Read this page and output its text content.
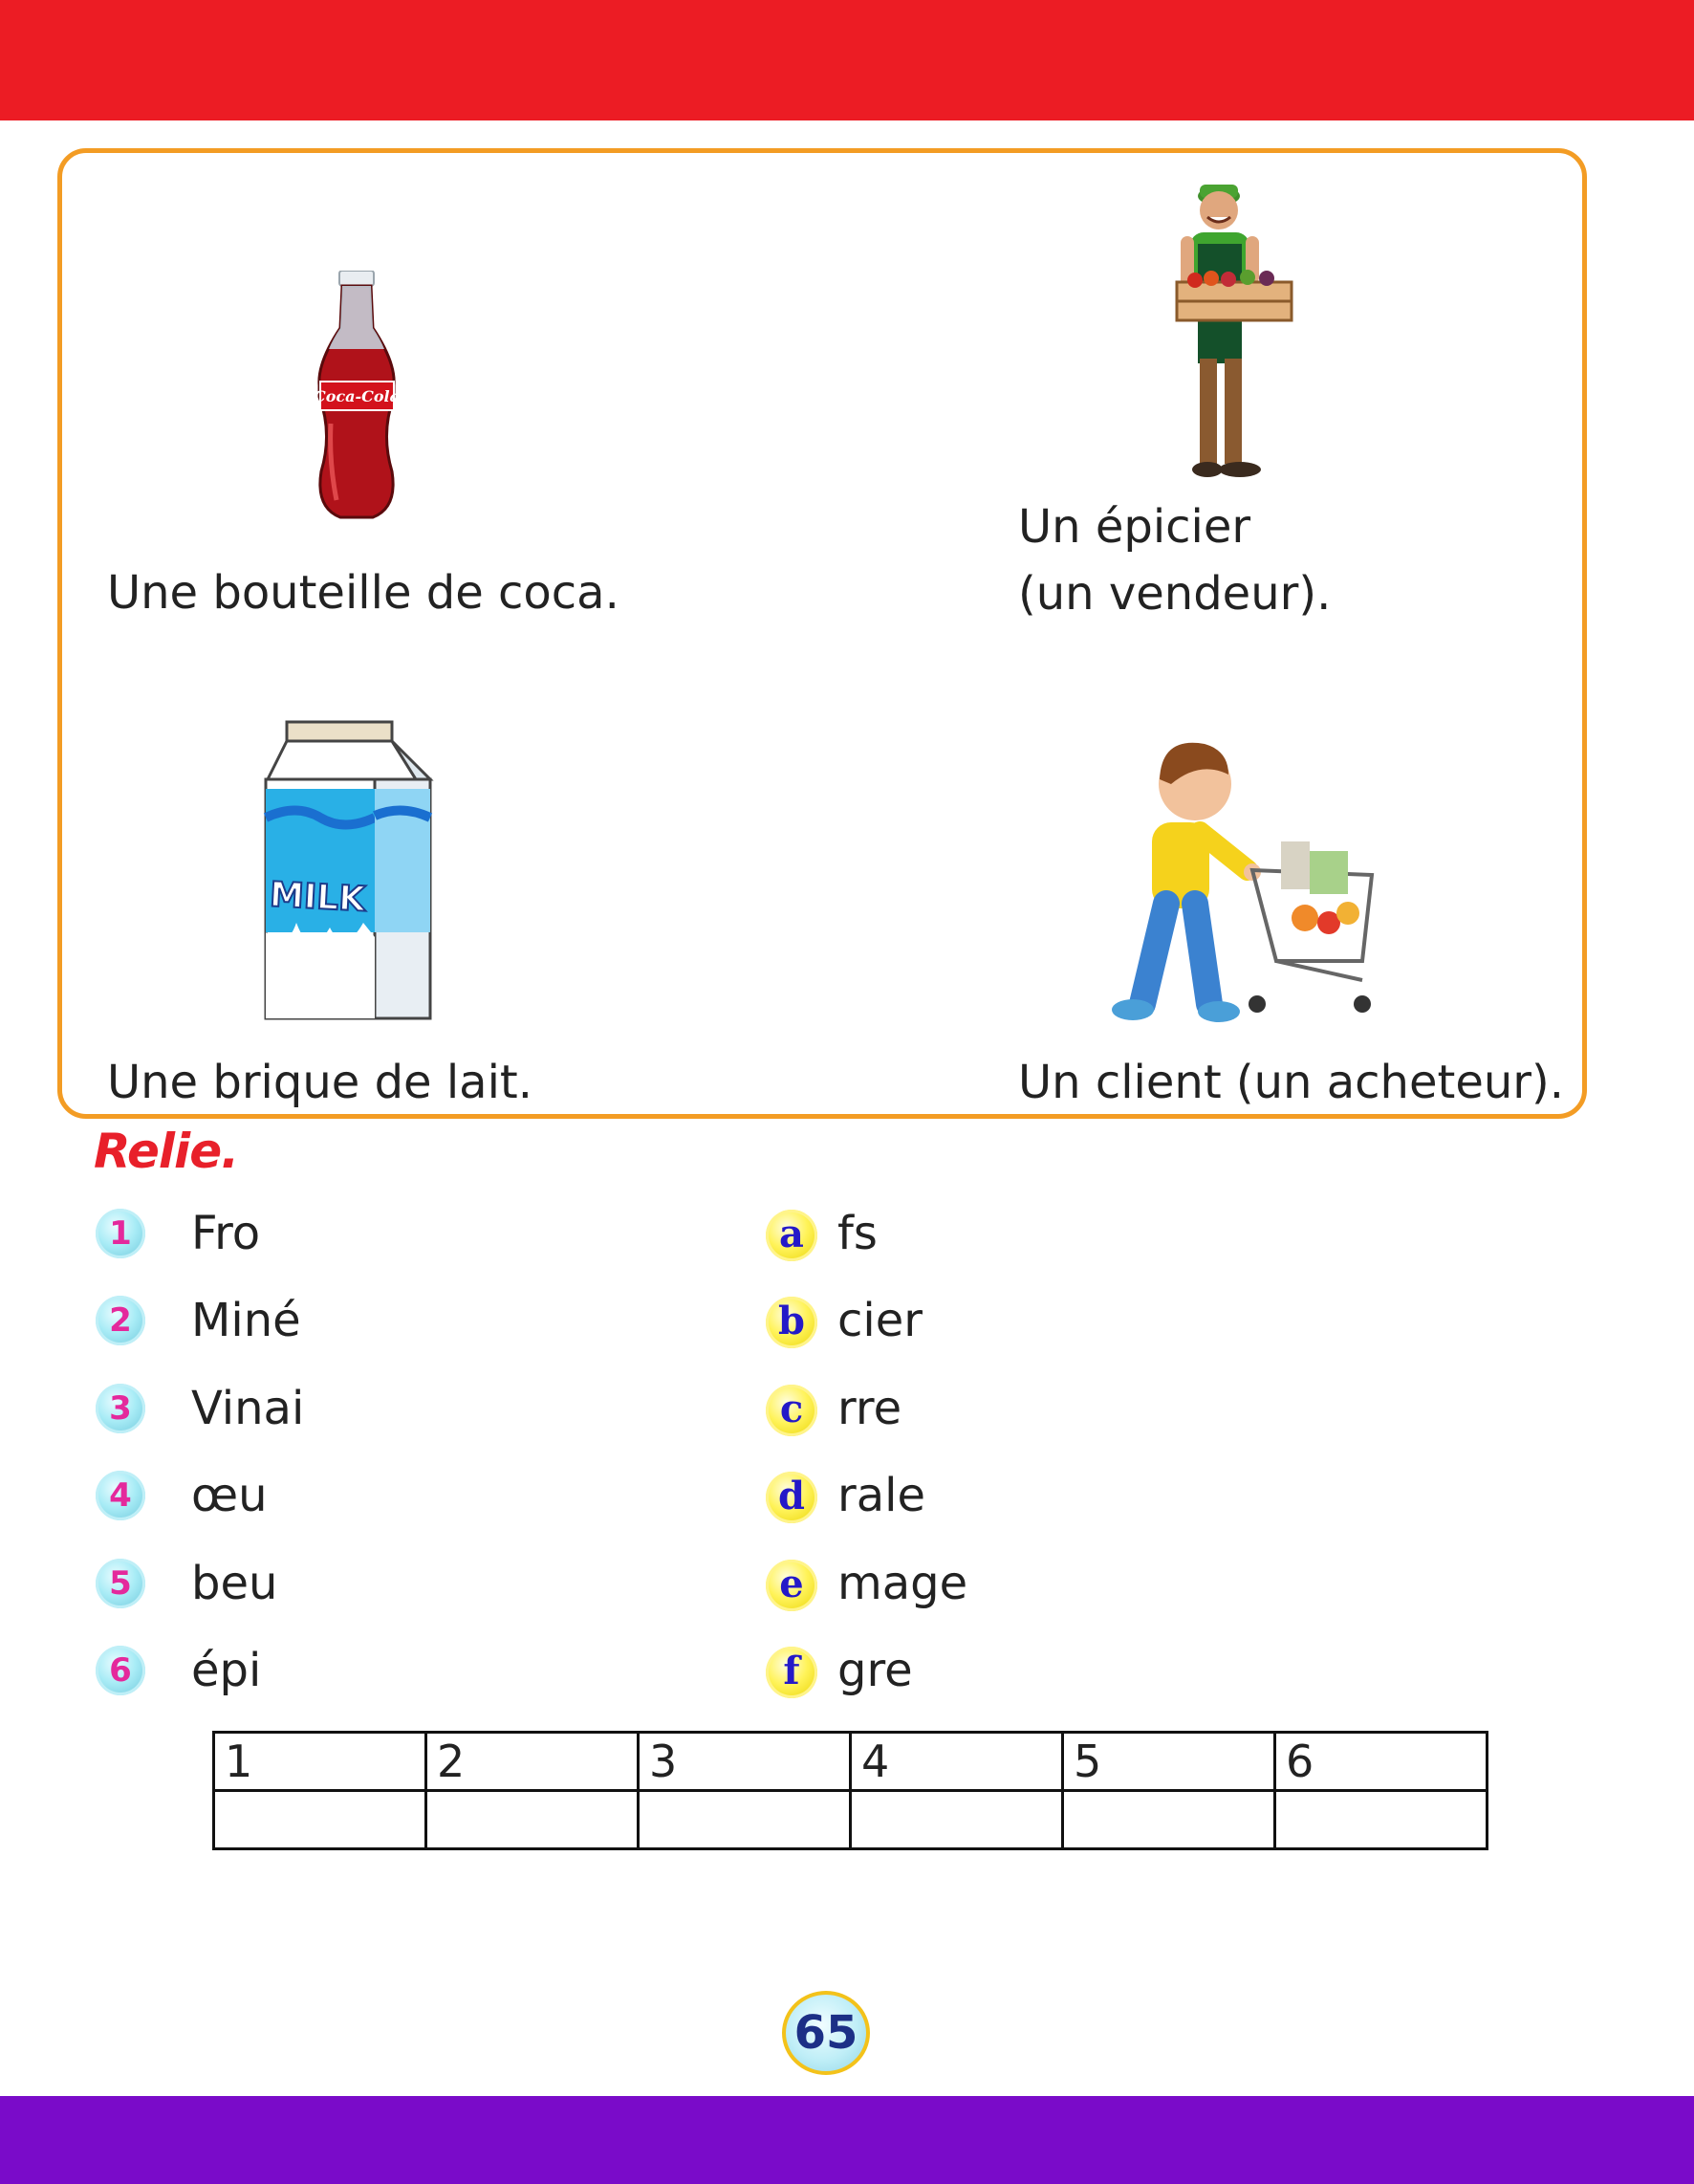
Coca-Cola
Une bouteille de coca.
Un épicier
(un vendeur).
MILK
Une brique de lait.	Un client (un acheteur).
Relie.
1 Fro
2 Miné
3 Vinai
4 œu
5 beu
6 épi
a fs
b cier
c rre
d rale
e mage
f gre
1	2	3	4	5	6

65
